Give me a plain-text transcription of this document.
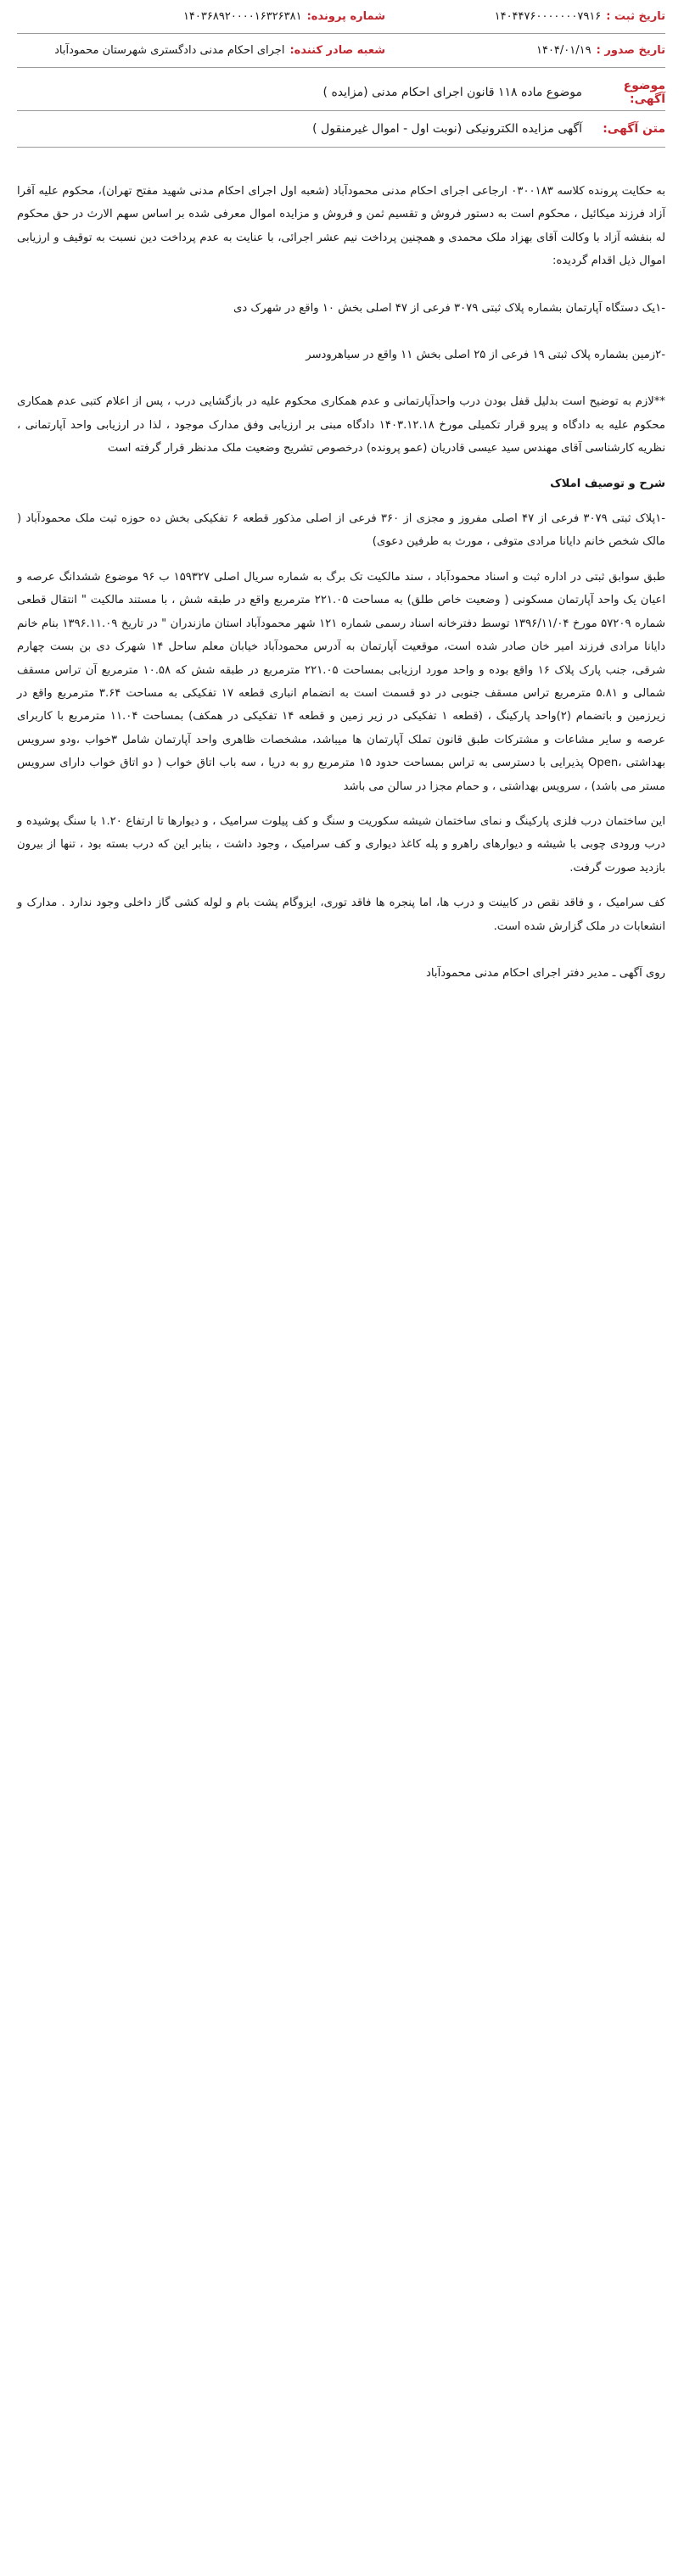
تاریخ ثبت :
۱۴۰۴۴۷۶۰۰۰۰۰۰۰۷۹۱۶
شماره پرونده:
۱۴۰۳۶۸۹۲۰۰۰۰۱۶۳۲۶۳۸۱
تاریخ صدور :
۱۴۰۴/۰۱/۱۹
شعبه صادر کننده:
اجرای احکام مدنی دادگستری شهرستان محمودآباد
موضوع آگهی:
موضوع ماده ۱۱۸ قانون اجرای احکام مدنی (مزایده )
متن آگهی:
آگهی مزایده الکترونیکی (نوبت اول - اموال غیرمنقول )

به حکایت پرونده کلاسه ۰۳۰۰۱۸۳ ارجاعی اجرای احکام مدنی محمودآباد (شعبه اول اجرای احکام مدنی شهید مفتح تهران)، محکوم علیه آقرا آزاد فرزند میکائیل ، محکوم است به دستور فروش و تقسیم ثمن و فروش و مزایده اموال معرفی شده بر اساس سهم الارث در حق محکوم له بنفشه آزاد با وکالت آقای بهزاد ملک محمدی و همچنین پرداخت نیم عشر اجرائی، با عنایت به عدم پرداخت دین نسبت به توقیف و ارزیابی اموال ذیل اقدام گردیده:

-۱یک دستگاه آپارتمان بشماره پلاک ثبتی ۳۰۷۹ فرعی از ۴۷ اصلی بخش ۱۰ واقع در شهرک دی

-۲زمین بشماره پلاک ثبتی ۱۹ فرعی از ۲۵ اصلی بخش ۱۱ واقع در سیاهرودسر

**لازم به توضیح است بدلیل قفل بودن درب واحدآپارتمانی و عدم همکاری محکوم علیه در بازگشایی درب ، پس از اعلام کتبی عدم همکاری محکوم علیه به دادگاه و پیرو قرار تکمیلی مورخ ۱۴۰۳.۱۲.۱۸ دادگاه مبنی بر ارزیابی وفق مدارک موجود ، لذا در ارزیابی واحد آپارتمانی ، نظریه کارشناسی آقای مهندس سید عیسی قادریان (عمو پرونده) درخصوص تشریح وضعیت ملک مدنظر قرار گرفته است

شرح و توصیف املاک

-۱پلاک ثبتی ۳۰۷۹ فرعی از ۴۷ اصلی مفروز و مجزی از ۳۶۰ فرعی از اصلی مذکور قطعه ۶ تفکیکی بخش ده حوزه ثبت ملک محمودآباد ( مالک شخص خانم دایانا مرادی متوفی ، مورث به طرفین دعوی)

طبق سوابق ثبتی در اداره ثبت و اسناد محمودآباد ، سند مالکیت تک برگ به شماره سریال اصلی ۱۵۹۳۲۷ ب ۹۶ موضوع ششدانگ عرصه و اعیان یک واحد آپارتمان مسکونی ( وضعیت خاص طلق) به مساحت ۲۲۱.۰۵ مترمربع واقع در طبقه شش ، با مستند مالکیت " انتقال قطعی شماره ۵۷۲۰۹ مورخ ۱۳۹۶/۱۱/۰۴ توسط دفترخانه اسناد رسمی شماره ۱۲۱ شهر محمودآباد استان مازندران " در تاریخ ۱۳۹۶.۱۱.۰۹ بنام خانم دایانا مرادی فرزند امیر خان صادر شده است، موقعیت آپارتمان به آدرس محمودآباد خیابان معلم ساحل ۱۴ شهرک دی بن بست چهارم شرقی، جنب پارک پلاک ۱۶ واقع بوده و واحد مورد ارزیابی بمساحت ۲۲۱.۰۵ مترمربع در طبقه شش که ۱۰.۵۸ مترمربع آن تراس مسقف شمالی و ۵.۸۱ مترمربع تراس مسقف جنوبی در دو قسمت است به انضمام انباری قطعه ۱۷ تفکیکی به مساحت ۳.۶۴ مترمربع واقع در زیرزمین و باتضمام (۲)واحد پارکینگ ، (قطعه ۱ تفکیکی در زیر زمین و قطعه ۱۴ تفکیکی در همکف) بمساحت ۱۱.۰۴ مترمربع با کاربرای عرصه و سایر مشاعات و مشترکات طبق قانون تملک آپارتمان ها میباشد، مشخصات ظاهری واحد آپارتمان شامل ۳خواب ،ودو سرویس بهداشتی ،Open پذیرایی با دسترسی به تراس بمساحت حدود ۱۵ مترمربع رو به دریا ، سه باب اتاق خواب ( دو اتاق خواب دارای سرویس مستر می باشد) ، سرویس بهداشتی ، و حمام مجزا در سالن می باشد

این ساختمان درب فلزی پارکینگ و نمای ساختمان شیشه سکوریت و سنگ و کف پیلوت سرامیک ، و دیوارها تا ارتفاع ۱.۲۰ با سنگ پوشیده و درب ورودی چوبی با شیشه و دیوارهای راهرو و پله کاغذ دیواری و کف سرامیک ، وجود داشت ، بنابر این که درب بسته بود ، تنها از بیرون بازدید صورت گرفت.

کف سرامیک ، و فاقد نقص در کابینت و درب ها، اما پنجره ها فاقد توری، ایزوگام پشت بام و لوله کشی گاز داخلی وجود ندارد . مدارک و انشعابات در ملک گزارش شده است.

روی آگهی ـ مدیر دفتر اجرای احکام مدنی محمودآباد
